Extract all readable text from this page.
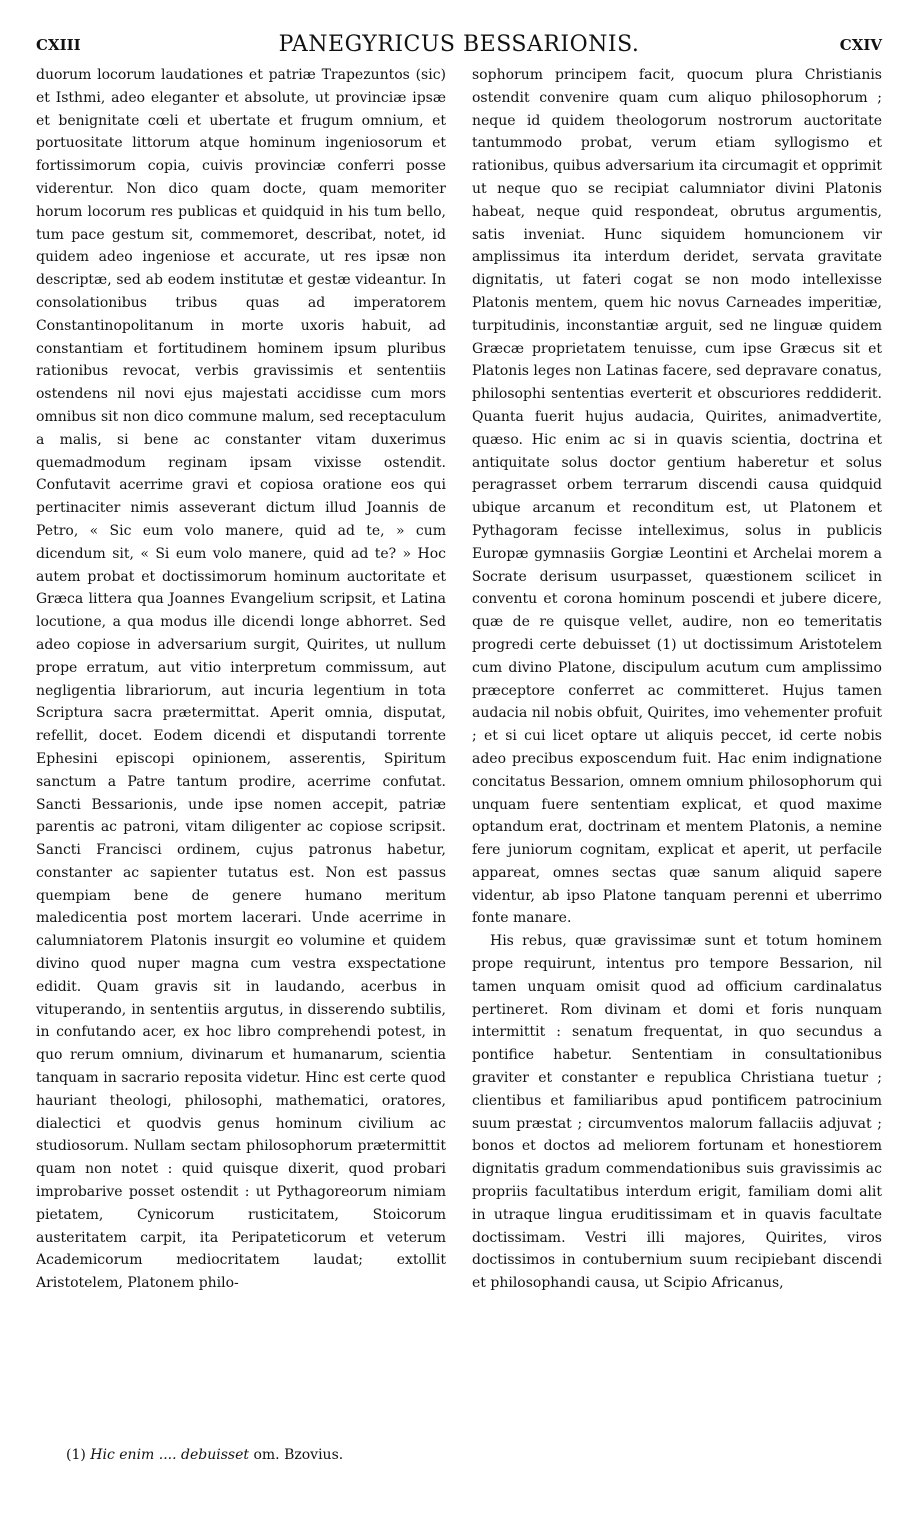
CXIII	PANEGYRICUS BESSARIONIS.	CXIV

duorum locorum laudationes et patriæ Trapezuntos (sic) et Isthmi, adeo eleganter et absolute, ut provinciæ ipsæ et benignitate cœli et ubertate et frugum omnium, et portuositate littorum atque hominum ingeniosorum et fortissimorum copia, cuivis provinciæ conferri posse viderentur. Non dico quam docte, quam memoriter horum locorum res publicas et quidquid in his tum bello, tum pace gestum sit, commemoret, describat, notet, id quidem adeo ingeniose et accurate, ut res ipsæ non descriptæ, sed ab eodem institutæ et gestæ videantur. In consolationibus tribus quas ad imperatorem Constantinopolitanum in morte uxoris habuit, ad constantiam et fortitudinem hominem ipsum pluribus rationibus revocat, verbis gravissimis et sententiis ostendens nil novi ejus majestati accidisse cum mors omnibus sit non dico commune malum, sed receptaculum a malis, si bene ac constanter vitam duxerimus quemadmodum reginam ipsam vixisse ostendit. Confutavit acerrime gravi et copiosa oratione eos qui pertinaciter nimis asseverant dictum illud Joannis de Petro, « Sic eum volo manere, quid ad te, » cum dicendum sit, « Si eum volo manere, quid ad te? » Hoc autem probat et doctissimorum hominum auctoritate et Græca littera qua Joannes Evangelium scripsit, et Latina locutione, a qua modus ille dicendi longe abhorret. Sed adeo copiose in adversarium surgit, Quirites, ut nullum prope erratum, aut vitio interpretum commissum, aut negligentia librariorum, aut incuria legentium in tota Scriptura sacra prætermittat. Aperit omnia, disputat, refellit, docet. Eodem dicendi et disputandi torrente Ephesini episcopi opinionem, asserentis, Spiritum sanctum a Patre tantum prodire, acerrime confutat. Sancti Bessarionis, unde ipse nomen accepit, patriæ parentis ac patroni, vitam diligenter ac copiose scripsit. Sancti Francisci ordinem, cujus patronus habetur, constanter ac sapienter tutatus est. Non est passus quempiam bene de genere humano meritum maledicentia post mortem lacerari. Unde acerrime in calumniatorem Platonis insurgit eo volumine et quidem divino quod nuper magna cum vestra exspectatione edidit. Quam gravis sit in laudando, acerbus in vituperando, in sententiis argutus, in disserendo subtilis, in confutando acer, ex hoc libro comprehendi potest, in quo rerum omnium, divinarum et humanarum, scientia tanquam in sacrario reposita videtur. Hinc est certe quod hauriant theologi, philosophi, mathematici, oratores, dialectici et quodvis genus hominum civilium ac studiosorum. Nullam sectam philosophorum prætermittit quam non notet : quid quisque dixerit, quod probari improbarive posset ostendit : ut Pythagoreorum nimiam pietatem, Cynicorum rusticitatem, Stoicorum austeritatem carpit, ita Peripateticorum et veterum Academicorum mediocritatem laudat; extollit Aristotelem, Platonem philo-

sophorum principem facit, quocum plura Christianis ostendit convenire quam cum aliquo philosophorum ; neque id quidem theologorum nostrorum auctoritate tantummodo probat, verum etiam syllogismo et rationibus, quibus adversarium ita circumagit et opprimit ut neque quo se recipiat calumniator divini Platonis habeat, neque quid respondeat, obrutus argumentis, satis inveniat. Hunc siquidem homuncionem vir amplissimus ita interdum deridet, servata gravitate dignitatis, ut fateri cogat se non modo intellexisse Platonis mentem, quem hic novus Carneades imperitiæ, turpitudinis, inconstantiæ arguit, sed ne linguæ quidem Græcæ proprietatem tenuisse, cum ipse Græcus sit et Platonis leges non Latinas facere, sed depravare conatus, philosophi sententias everterit et obscuriores reddiderit. Quanta fuerit hujus audacia, Quirites, animadvertite, quæso. Hic enim ac si in quavis scientia, doctrina et antiquitate solus doctor gentium haberetur et solus peragrasset orbem terrarum discendi causa quidquid ubique arcanum et reconditum est, ut Platonem et Pythagoram fecisse intelleximus, solus in publicis Europæ gymnasiis Gorgiæ Leontini et Archelai morem a Socrate derisum usurpasset, quæstionem scilicet in conventu et corona hominum poscendi et jubere dicere, quæ de re quisque vellet, audire, non eo temeritatis progredi certe debuisset (1) ut doctissimum Aristotelem cum divino Platone, discipulum acutum cum amplissimo præceptore conferret ac committeret. Hujus tamen audacia nil nobis obfuit, Quirites, imo vehementer profuit ; et si cui licet optare ut aliquis peccet, id certe nobis adeo precibus exposcendum fuit. Hac enim indignatione concitatus Bessarion, omnem omnium philosophorum qui unquam fuere sententiam explicat, et quod maxime optandum erat, doctrinam et mentem Platonis, a nemine fere juniorum cognitam, explicat et aperit, ut perfacile appareat, omnes sectas quæ sanum aliquid sapere videntur, ab ipso Platone tanquam perenni et uberrimo fonte manare.

His rebus, quæ gravissimæ sunt et totum hominem prope requirunt, intentus pro tempore Bessarion, nil tamen unquam omisit quod ad officium cardinalatus pertineret. Rom divinam et domi et foris nunquam intermittit : senatum frequentat, in quo secundus a pontifice habetur. Sententiam in consultationibus graviter et constanter e republica Christiana tuetur ; clientibus et familiaribus apud pontificem patrocinium suum præstat ; circumventos malorum fallaciis adjuvat ; bonos et doctos ad meliorem fortunam et honestiorem dignitatis gradum commendationibus suis gravissimis ac propriis facultatibus interdum erigit, familiam domi alit in utraque lingua eruditissimam et in quavis facultate doctissimam. Vestri illi majores, Quirites, viros doctissimos in contubernium suum recipiebant discendi et philosophandi causa, ut Scipio Africanus,

(1) Hic enim .... debuisset om. Bzovius.
